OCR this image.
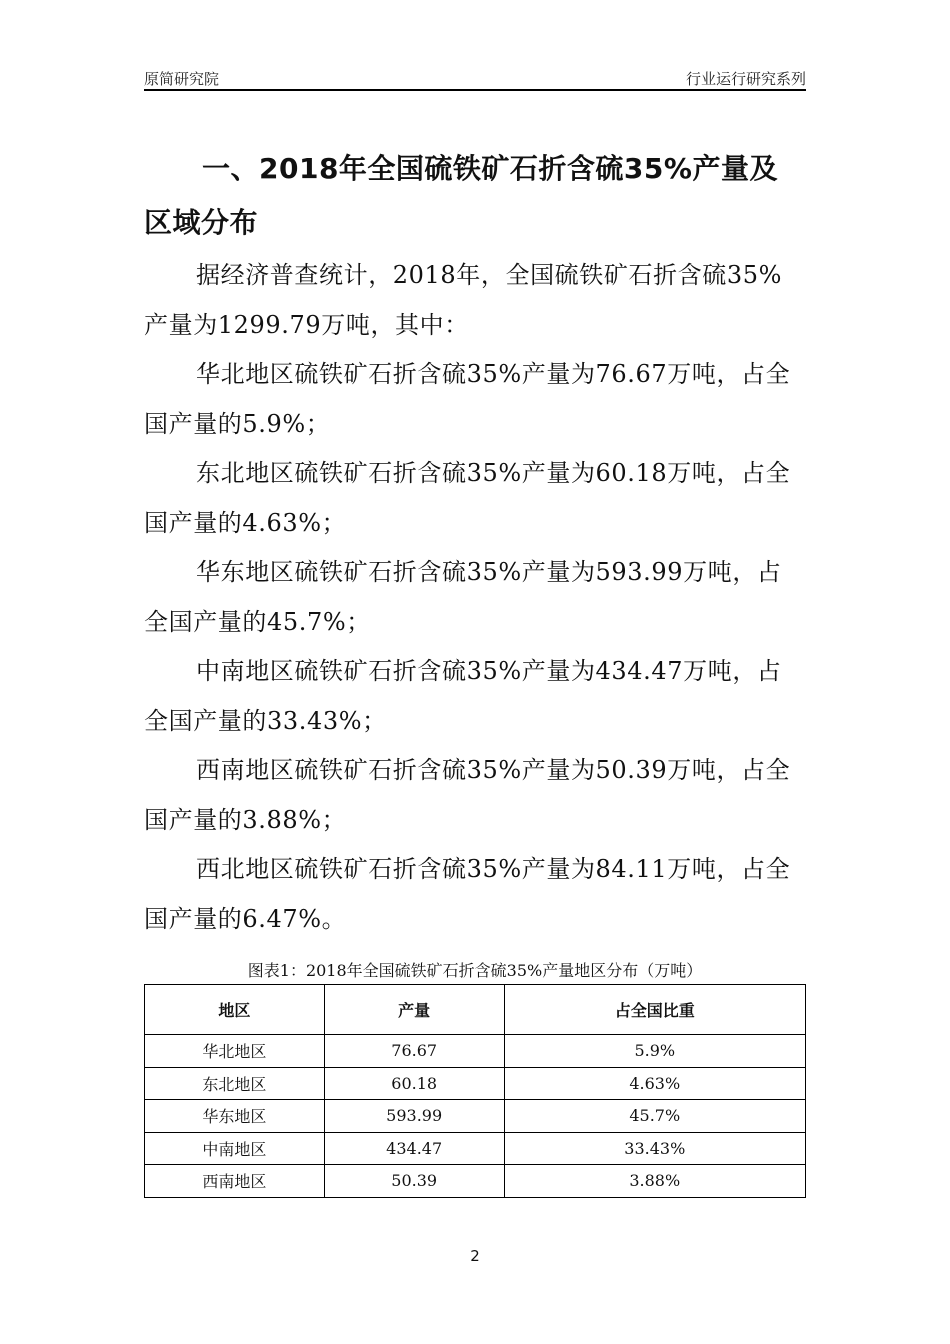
原简研究院	行业运行研究系列
一、2018年全国硫铁矿石折含硫35%产量及区域分布

据经济普查统计，2018年，全国硫铁矿石折含硫35%产量为1299.79万吨，其中：

华北地区硫铁矿石折含硫35%产量为76.67万吨，占全国产量的5.9%；

东北地区硫铁矿石折含硫35%产量为60.18万吨，占全国产量的4.63%；

华东地区硫铁矿石折含硫35%产量为593.99万吨，占全国产量的45.7%；

中南地区硫铁矿石折含硫35%产量为434.47万吨，占全国产量的33.43%；

西南地区硫铁矿石折含硫35%产量为50.39万吨，占全国产量的3.88%；

西北地区硫铁矿石折含硫35%产量为84.11万吨，占全国产量的6.47%。

图表1：2018年全国硫铁矿石折含硫35%产量地区分布（万吨）
地区	产量	占全国比重
华北地区	76.67	5.9%
东北地区	60.18	4.63%
华东地区	593.99	45.7%
中南地区	434.47	33.43%
西南地区	50.39	3.88%
2
